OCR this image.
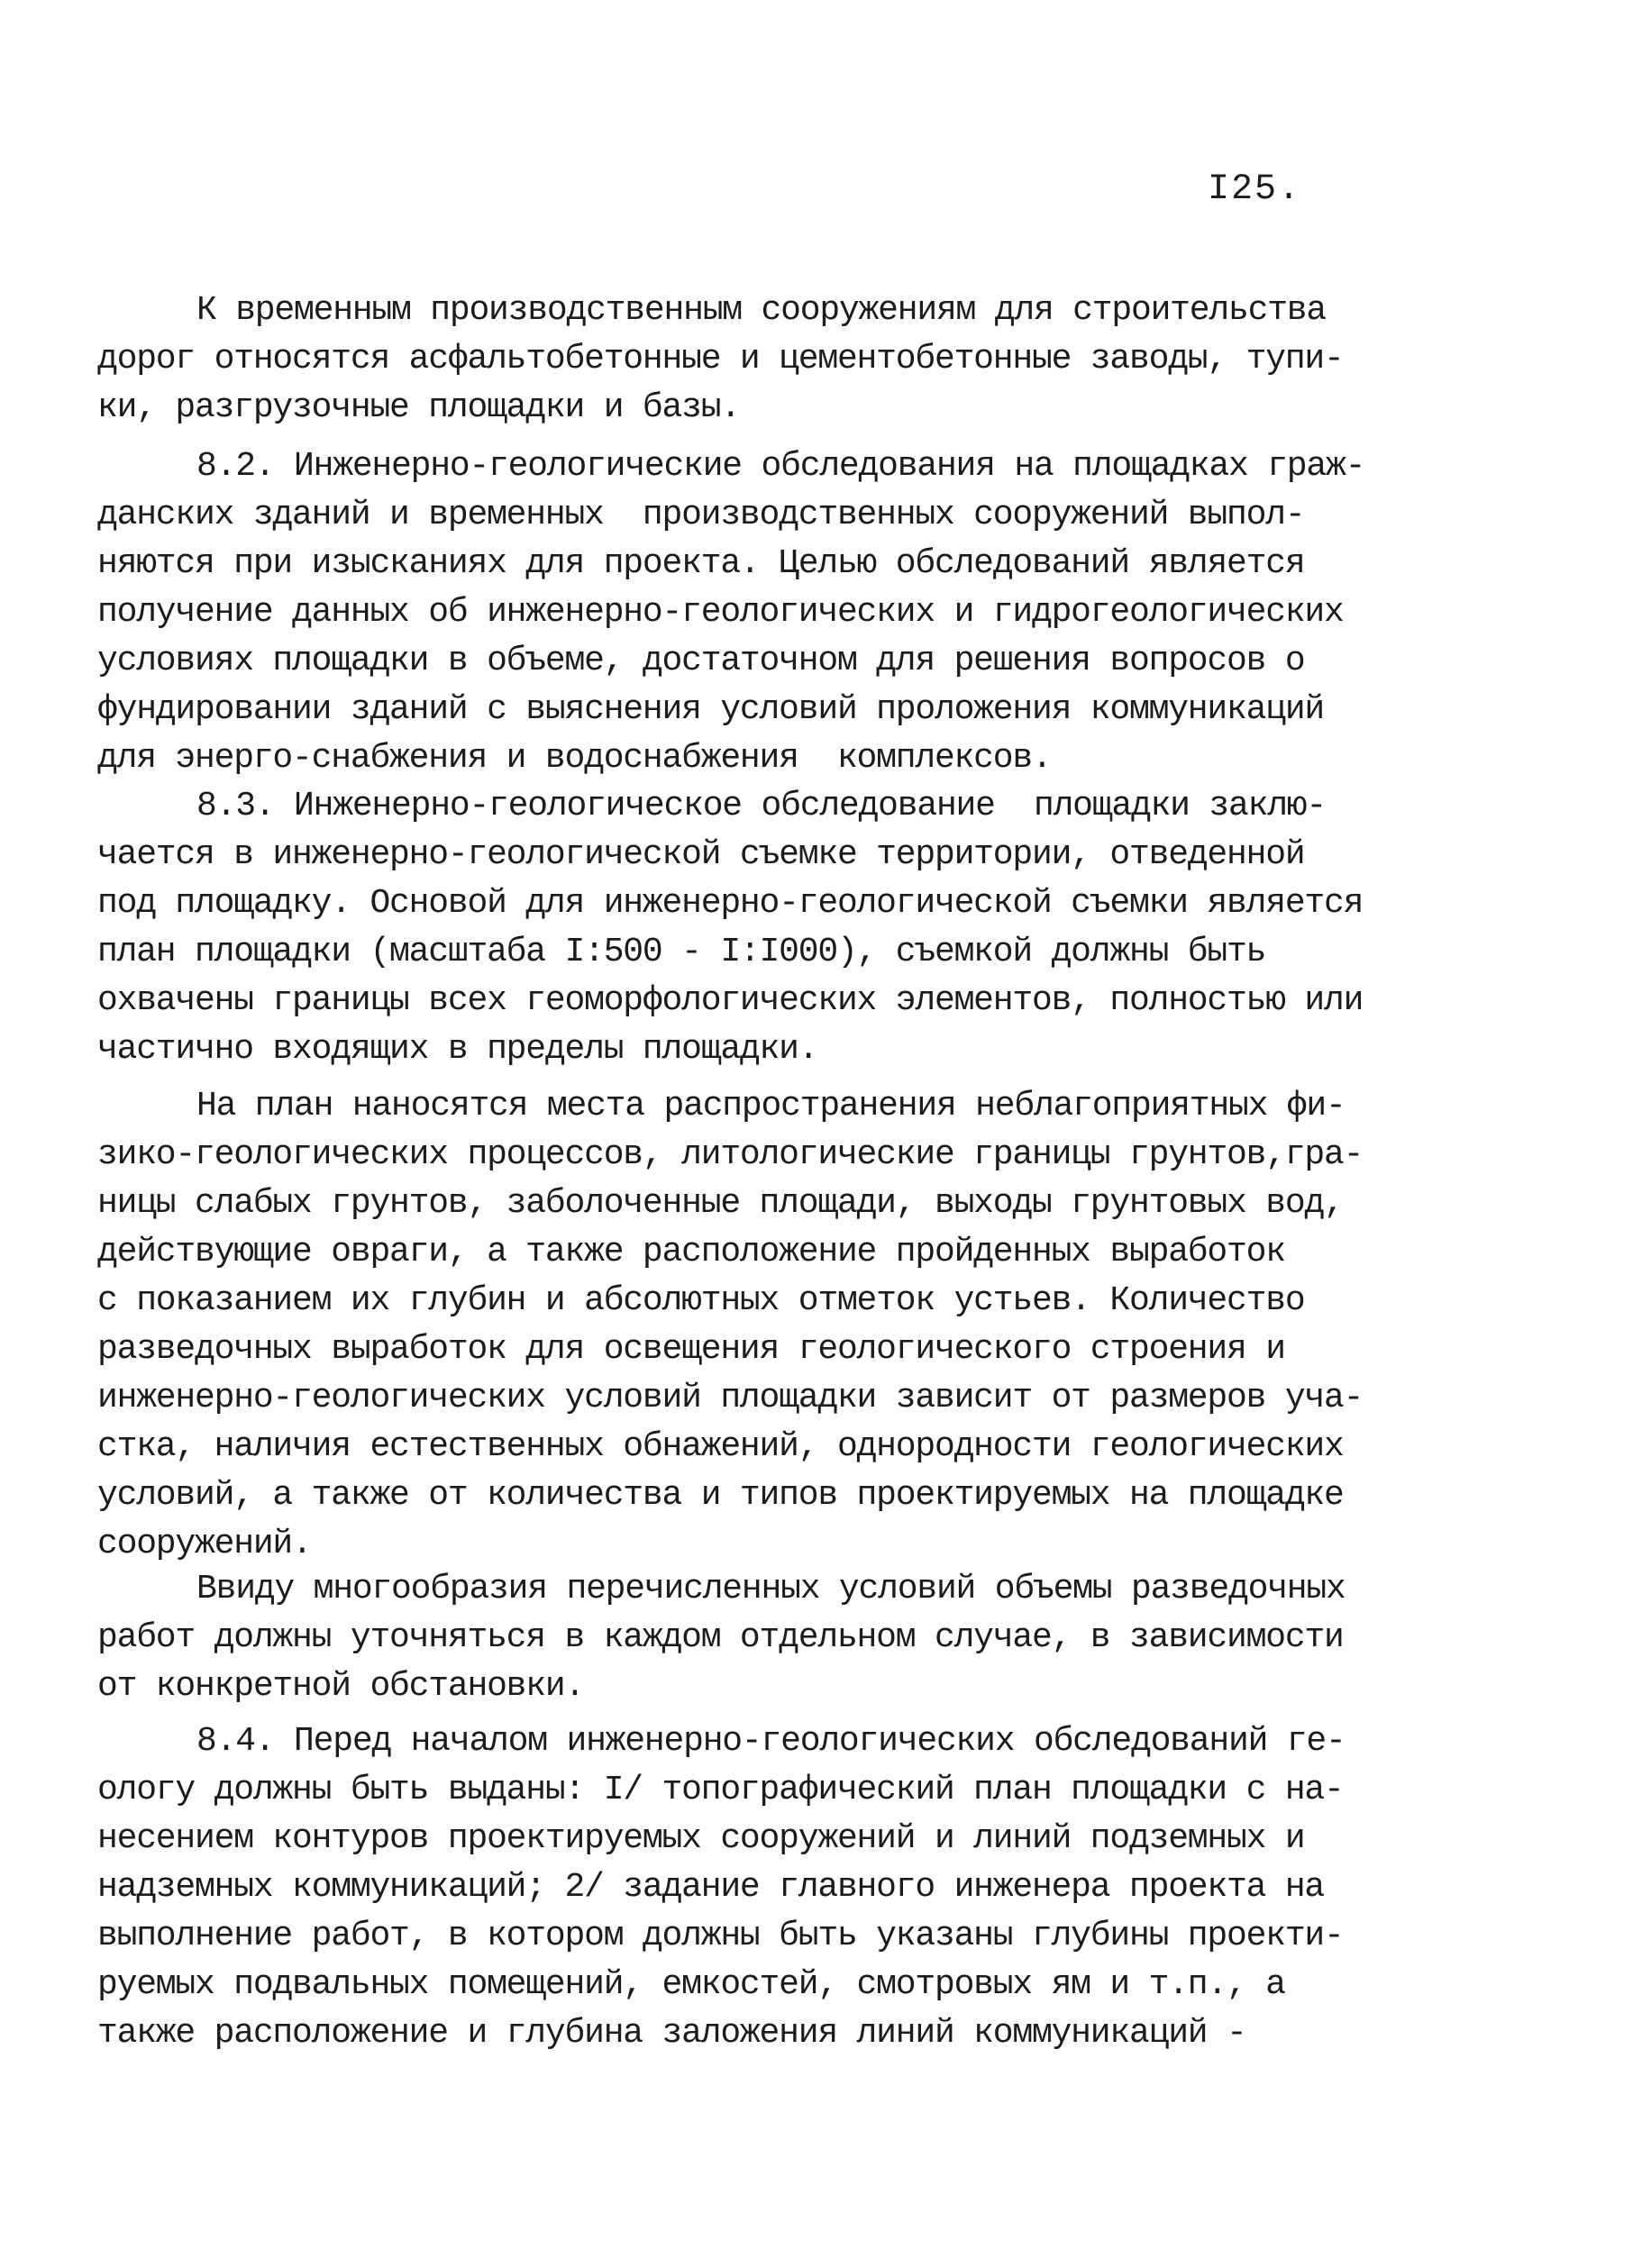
I25.
К временным производственным сооружениям для строительства
дорог относятся асфальтобетонные и цементобетонные заводы, тупи-
ки, разгрузочные площадки и базы.
8.2. Инженерно-геологические обследования на площадках граж-
данских зданий и временных  производственных сооружений выпол-
няются при изысканиях для проекта. Целью обследований является
получение данных об инженерно-геологических и гидрогеологических
условиях площадки в объеме, достаточном для решения вопросов о
фундировании зданий с выяснения условий проложения коммуникаций
для энерго-снабжения и водоснабжения  комплексов.
8.3. Инженерно-геологическое обследование  площадки заклю-
чается в инженерно-геологической съемке территории, отведенной
под площадку. Основой для инженерно-геологической съемки является
план площадки (масштаба I:500 - I:I000), съемкой должны быть
охвачены границы всех геоморфологических элементов, полностью или
частично входящих в пределы площадки.
На план наносятся места распространения неблагоприятных фи-
зико-геологических процессов, литологические границы грунтов,гра-
ницы слабых грунтов, заболоченные площади, выходы грунтовых вод,
действующие овраги, а также расположение пройденных выработок
с показанием их глубин и абсолютных отметок устьев. Количество
разведочных выработок для освещения геологического строения и
инженерно-геологических условий площадки зависит от размеров уча-
стка, наличия естественных обнажений, однородности геологических
условий, а также от количества и типов проектируемых на площадке
сооружений.
Ввиду многообразия перечисленных условий объемы разведочных
работ должны уточняться в каждом отдельном случае, в зависимости
от конкретной обстановки.
8.4. Перед началом инженерно-геологических обследований ге-
ологу должны быть выданы: I/ топографический план площадки с на-
несением контуров проектируемых сооружений и линий подземных и
надземных коммуникаций; 2/ задание главного инженера проекта на
выполнение работ, в котором должны быть указаны глубины проекти-
руемых подвальных помещений, емкостей, смотровых ям и т.п., а
также расположение и глубина заложения линий коммуникаций -
